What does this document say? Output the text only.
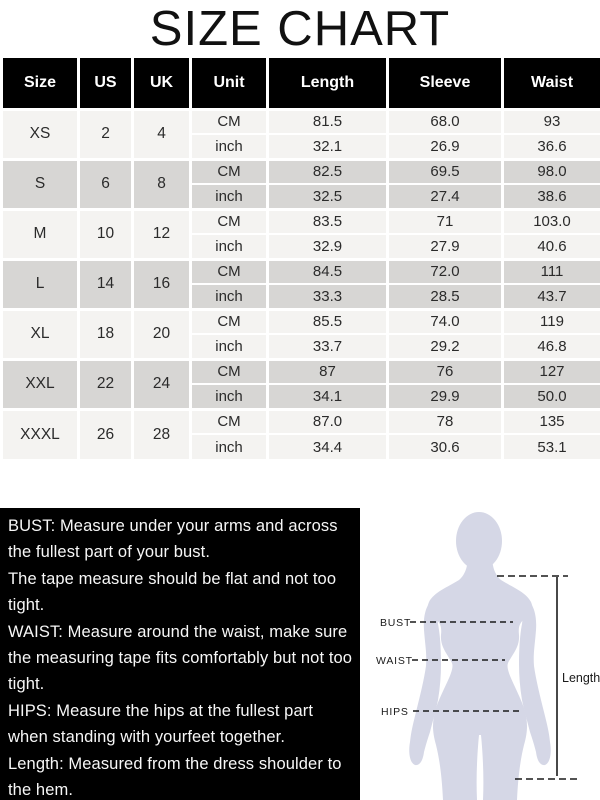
SIZE CHART
Size	US	UK	Unit	Length	Sleeve	Waist
XS	2	4	CM	81.5	68.0	93
			inch	32.1	26.9	36.6
S	6	8	CM	82.5	69.5	98.0
			inch	32.5	27.4	38.6
M	10	12	CM	83.5	71	103.0
			inch	32.9	27.9	40.6
L	14	16	CM	84.5	72.0	111
			inch	33.3	28.5	43.7
XL	18	20	CM	85.5	74.0	119
			inch	33.7	29.2	46.8
XXL	22	24	CM	87	76	127
			inch	34.1	29.9	50.0
XXXL	26	28	CM	87.0	78	135
			inch	34.4	30.6	53.1

BUST: Measure under your arms and across the fullest part of your bust.

The tape measure should be flat and not too tight.

WAIST: Measure around the waist, make sure the measuring tape fits comfortably but not too tight.

HIPS: Measure the hips at the fullest part when standing with yourfeet together.

Length: Measured from the dress shoulder to the hem.

BUST
WAIST
HIPS
Length
